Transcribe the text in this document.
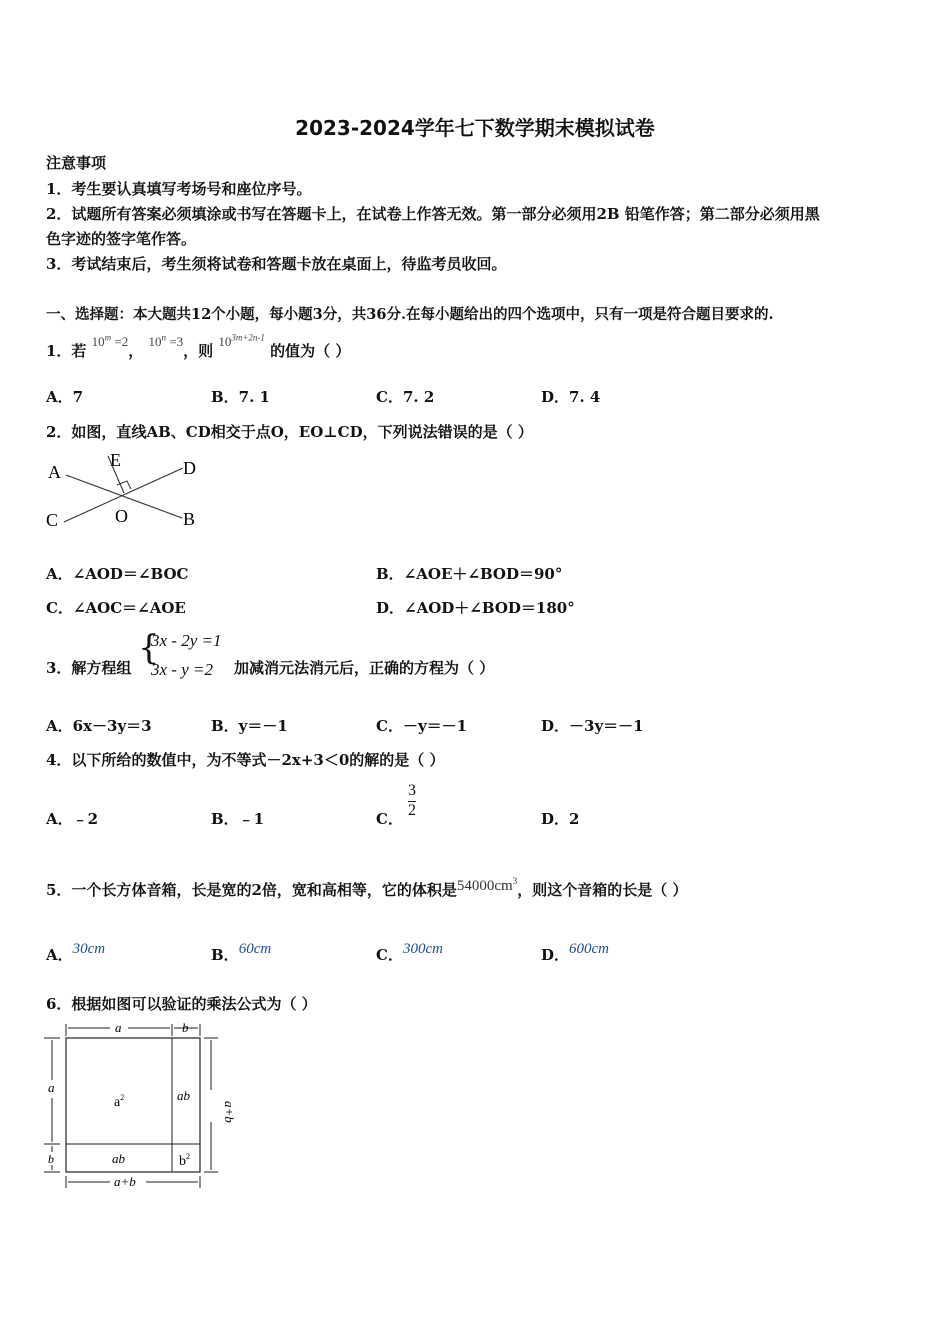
2023-2024学年七下数学期末模拟试卷
注意事项
1．考生要认真填写考场号和座位序号。
2．试题所有答案必须填涂或书写在答题卡上，在试卷上作答无效。第一部分必须用2B 铅笔作答；第二部分必须用黑
色字迹的签字笔作答。
3．考试结束后，考生须将试卷和答题卡放在桌面上，待监考员收回。
一、选择题：本大题共12个小题，每小题3分，共36分.在每小题给出的四个选项中，只有一项是符合题目要求的.
1．若 $10^m =2$， $10^n =3$，则 $10^{3m+2n-1}$ 的值为（ ）
A．7	B．7. 1	C．7. 2	D．7. 4
2．如图，直线AB、CD相交于点O，EO⊥CD，下列说法错误的是（ ）
A
B
C
D
E
O
A．∠AOD＝∠BOC	B．∠AOE＋∠BOD＝90°
C．∠AOC＝∠AOE	D．∠AOD＋∠BOD＝180°
3．解方程组 {
3x - 2y =1
3x - y =2 加减消元法消元后，正确的方程为（ ）
A．6x－3y＝3	B．y＝－1	C．－y＝－1	D．－3y＝－1
4．以下所给的数值中，为不等式－2x+3＜0的解的是（ ）
A．﹣2	B．﹣1	C． $\frac{3}{2}$	D．2
5．一个长方体音箱，长是宽的2倍，宽和高相等，它的体积是$54000cm^3$，则这个音箱的长是（ ）
A．30cm	B．60cm	C．300cm	D．600cm
6．根据如图可以验证的乘法公式为（ ）
a	b
a
b
a+b
a+b
$a^2$	ab
ab	$b^2$
